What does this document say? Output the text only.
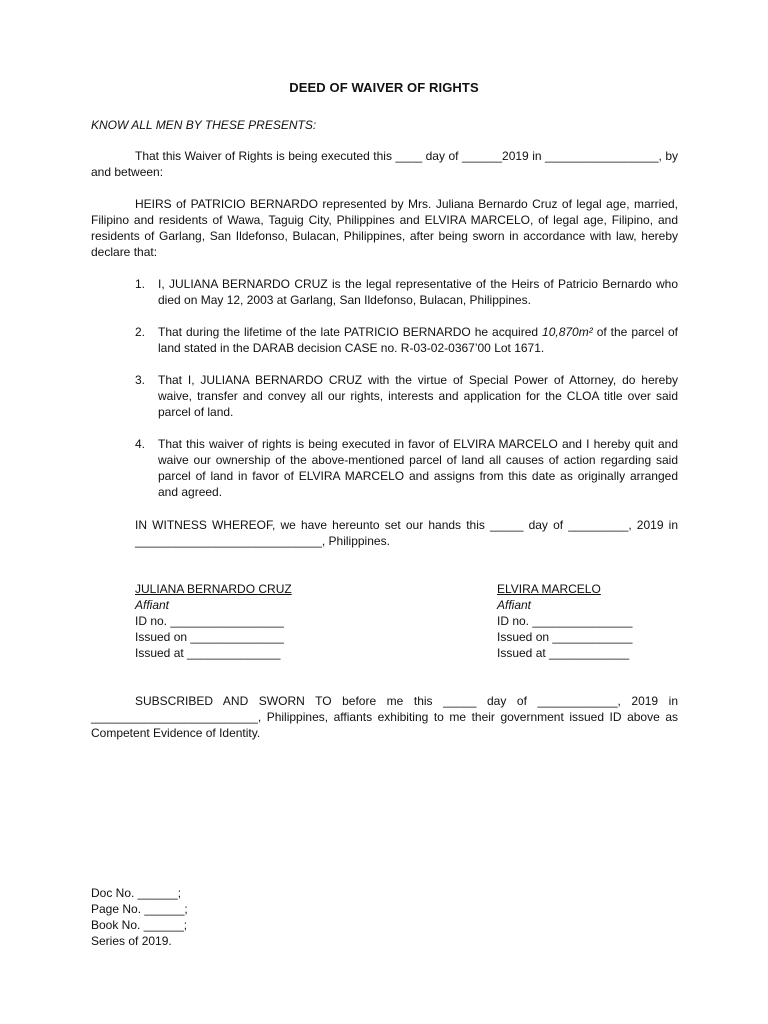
DEED OF WAIVER OF RIGHTS
KNOW ALL MEN BY THESE PRESENTS:
That this Waiver of Rights is being executed this ____ day of ______2019 in _________________, by and between:
HEIRS of PATRICIO BERNARDO represented by Mrs. Juliana Bernardo Cruz of legal age, married, Filipino and residents of Wawa, Taguig City, Philippines and ELVIRA MARCELO, of legal age, Filipino, and residents of Garlang, San Ildefonso, Bulacan, Philippines, after being sworn in accordance with law, hereby declare that:
1. I, JULIANA BERNARDO CRUZ is the legal representative of the Heirs of Patricio Bernardo who died on May 12, 2003 at Garlang, San Ildefonso, Bulacan, Philippines.
2. That during the lifetime of the late PATRICIO BERNARDO he acquired 10,870m² of the parcel of land stated in the DARAB decision CASE no. R-03-02-0367’00 Lot 1671.
3. That I, JULIANA BERNARDO CRUZ with the virtue of Special Power of Attorney, do hereby waive, transfer and convey all our rights, interests and application for the CLOA title over said parcel of land.
4. That this waiver of rights is being executed in favor of ELVIRA MARCELO and I hereby quit and waive our ownership of the above-mentioned parcel of land all causes of action regarding said parcel of land in favor of ELVIRA MARCELO and assigns from this date as originally arranged and agreed.
IN WITNESS WHEREOF, we have hereunto set our hands this _____ day of _________, 2019 in ____________________________, Philippines.
JULIANA BERNARDO CRUZ
Affiant
ID no. _________________
Issued on ______________
Issued at ______________
ELVIRA MARCELO
Affiant
ID no. _______________
Issued on ____________
Issued at ____________
SUBSCRIBED AND SWORN TO before me this _____ day of ____________, 2019 in _________________________, Philippines, affiants exhibiting to me their government issued ID above as Competent Evidence of Identity.
Doc No. ______;
Page No. ______;
Book No. ______;
Series of 2019.
